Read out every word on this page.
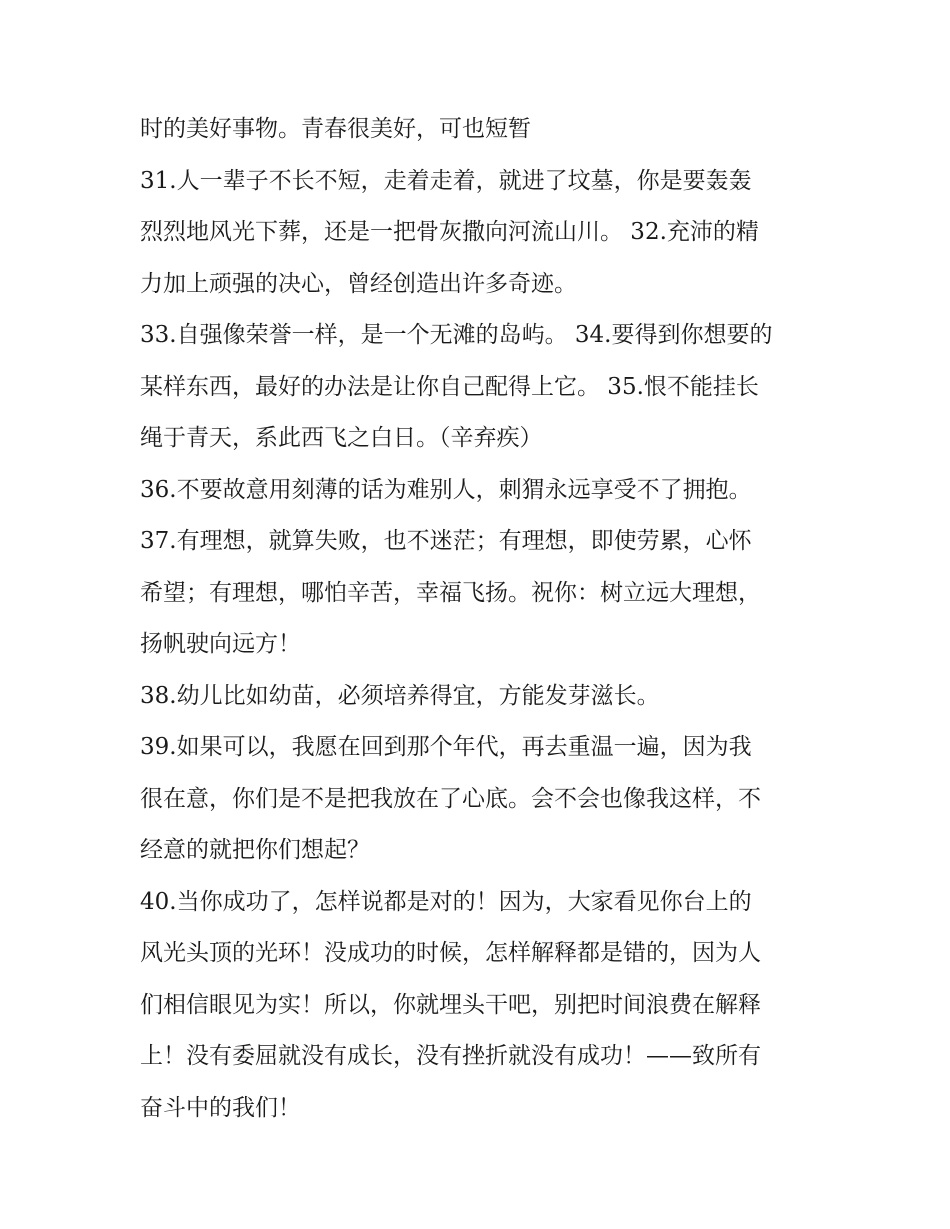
时的美好事物。青春很美好，可也短暂
31.人一辈子不长不短，走着走着，就进了坟墓，你是要轰轰
烈烈地风光下葬，还是一把骨灰撒向河流山川。 32.充沛的精
力加上顽强的决心，曾经创造出许多奇迹。
33.自强像荣誉一样，是一个无滩的岛屿。 34.要得到你想要的
某样东西，最好的办法是让你自己配得上它。 35.恨不能挂长
绳于青天，系此西飞之白日。（辛弃疾）
36.不要故意用刻薄的话为难别人，刺猬永远享受不了拥抱。
37.有理想，就算失败，也不迷茫；有理想，即使劳累，心怀
希望；有理想，哪怕辛苦，幸福飞扬。祝你：树立远大理想，
扬帆驶向远方！
38.幼儿比如幼苗，必须培养得宜，方能发芽滋长。
39.如果可以，我愿在回到那个年代，再去重温一遍，因为我
很在意，你们是不是把我放在了心底。会不会也像我这样，不
经意的就把你们想起？
40.当你成功了，怎样说都是对的！因为，大家看见你台上的
风光头顶的光环！没成功的时候，怎样解释都是错的，因为人
们相信眼见为实！所以，你就埋头干吧，别把时间浪费在解释
上！没有委屈就没有成长，没有挫折就没有成功！——致所有
奋斗中的我们！
